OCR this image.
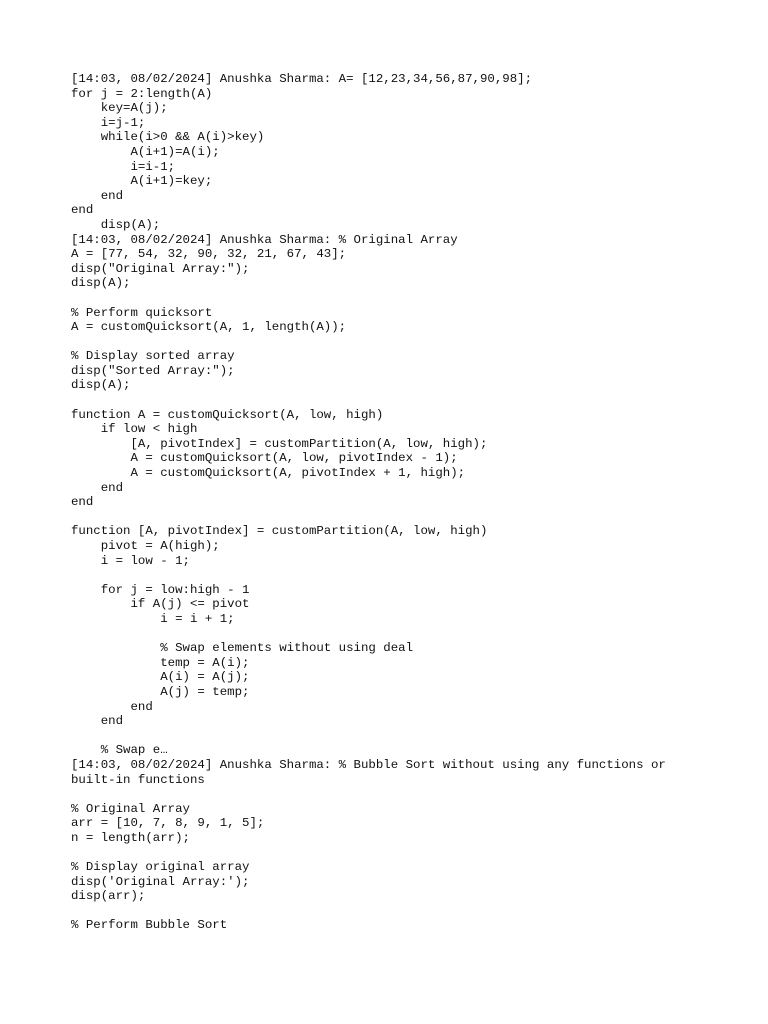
[14:03, 08/02/2024] Anushka Sharma: A= [12,23,34,56,87,90,98];
for j = 2:length(A)
key=A(j);
i=j-1;
while(i>0 && A(i)>key)
A(i+1)=A(i);
i=i-1;
A(i+1)=key;
end
end
disp(A);
[14:03, 08/02/2024] Anushka Sharma: % Original Array
A = [77, 54, 32, 90, 32, 21, 67, 43];
disp("Original Array:");
disp(A);
% Perform quicksort
A = customQuicksort(A, 1, length(A));
% Display sorted array
disp("Sorted Array:");
disp(A);
function A = customQuicksort(A, low, high)
if low < high
[A, pivotIndex] = customPartition(A, low, high);
A = customQuicksort(A, low, pivotIndex - 1);
A = customQuicksort(A, pivotIndex + 1, high);
end
end
function [A, pivotIndex] = customPartition(A, low, high)
pivot = A(high);
i = low - 1;
for j = low:high - 1
if A(j) <= pivot
i = i + 1;
% Swap elements without using deal
temp = A(i);
A(i) = A(j);
A(j) = temp;
end
end
% Swap e…
[14:03, 08/02/2024] Anushka Sharma: % Bubble Sort without using any functions or
built-in functions
% Original Array
arr = [10, 7, 8, 9, 1, 5];
n = length(arr);
% Display original array
disp('Original Array:');
disp(arr);
% Perform Bubble Sort
